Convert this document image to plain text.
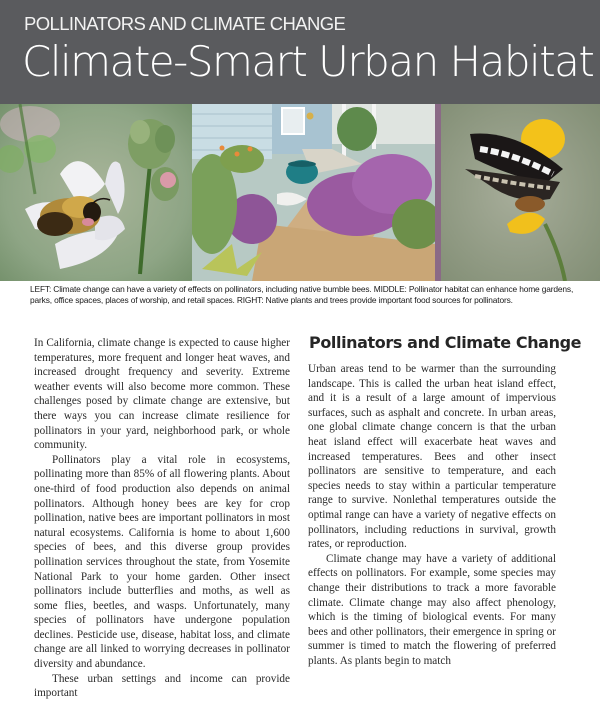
POLLINATORS AND CLIMATE CHANGE
Climate-Smart Urban Habitat
LEFT: Climate change can have a variety of effects on pollinators, including native bumble bees. MIDDLE: Pollinator habitat can enhance home gardens, parks, office spaces, places of worship, and retail spaces. RIGHT: Native plants and trees provide important food sources for pollinators.

In California, climate change is expected to cause higher temperatures, more frequent and longer heat waves, and increased drought frequency and severity. Extreme weather events will also become more common. These challenges posed by climate change are extensive, but there ways you can increase climate resilience for pollinators in your yard, neighborhood park, or whole community.

Pollinators play a vital role in ecosystems, pollinating more than 85% of all flowering plants. About one-third of food production also depends on animal pollinators. Although honey bees are key for crop pollination, native bees are important pollinators in most natural ecosystems. California is home to about 1,600 species of bees, and this diverse group provides pollination services throughout the state, from Yosemite National Park to your home garden. Other insect pollinators include butterflies and moths, as well as some flies, beetles, and wasps. Unfortunately, many species of pollinators have undergone population declines. Pesticide use, disease, habitat loss, and climate change are all linked to worrying decreases in pollinator diversity and abundance.

These urban settings and income can provide important

Pollinators and Climate Change

Urban areas tend to be warmer than the surrounding landscape. This is called the urban heat island effect, and it is a result of a large amount of impervious surfaces, such as asphalt and concrete. In urban areas, one global climate change concern is that the urban heat island effect will exacerbate heat waves and increased temperatures. Bees and other insect pollinators are sensitive to temperature, and each species needs to stay within a particular temperature range to survive. Nonlethal temperatures outside the optimal range can have a variety of negative effects on pollinators, including reductions in survival, growth rates, or reproduction.

Climate change may have a variety of additional effects on pollinators. For example, some species may change their distributions to track a more favorable climate. Climate change may also affect phenology, which is the timing of biological events. For many bees and other pollinators, their emergence in spring or summer is timed to match the flowering of preferred plants. As plants begin to match
